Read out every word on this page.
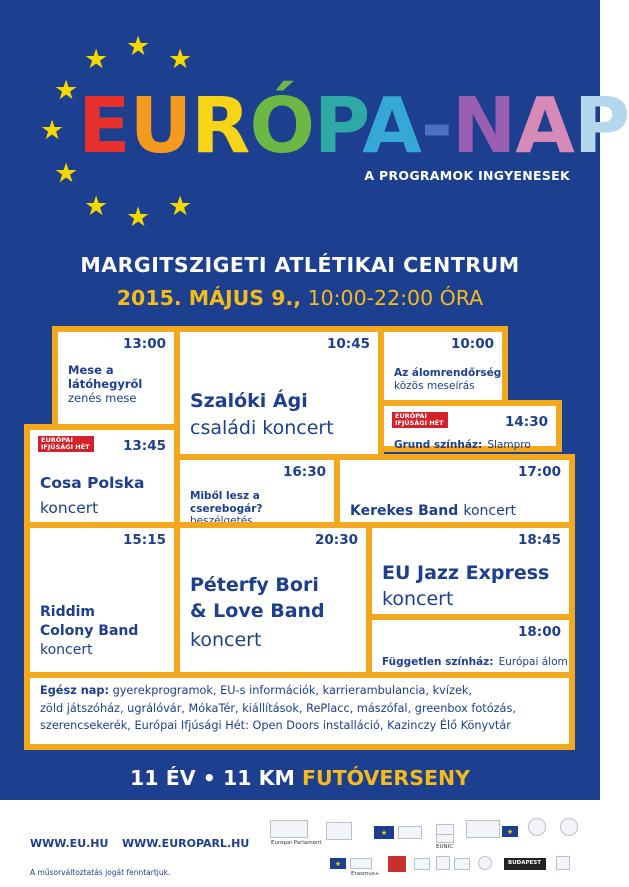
★
★ ★
★
★
★
★ ★ ★
EURÓPA-NAP
A PROGRAMOK INGYENESEK
MARGITSZIGETI ATLÉTIKAI CENTRUM
2015. MÁJUS 9., 10:00-22:00 ÓRA
13:00
Mese a látóhegyről
zenés mese
10:45
Szalóki Ági
családi koncert
10:00
Az álomrendőrség
közös meseírás
EURÓPAI IFJÚSÁGI HÉT	14:30
Grund színház: Slampro
EURÓPAI IFJÚSÁGI HÉT	13:45
Cosa Polska
koncert
16:30
Miből lesz a cserebogár?
17:00
Kerekes Band koncert
15:15
Riddim
Colony Band
koncert
20:30
Péterfy Bori
& Love Band
koncert
18:45
EU Jazz Express
koncert
18:00
Független színház: Európai álom
Egész nap: gyerekprogramok, EU-s információk, karrierambulancia, kvízek,
zöld játszóház, ugrálóvár, MókaTér, kiállítások, RePlacc, mászófal, greenbox fotózás,
szerencsekerék, Európai Ifjúsági Hét: Open Doors installáció, Kazinczy Élő Könyvtár
11 ÉV • 11 KM FUTÓVERSENY
WWW.EU.HU WWW.EUROPARL.HU
A műsorváltoztatás jogát fenntartjuk.
Európai Parlament
★
★
★
Erasmus+
EUNIC
BUDAPEST
